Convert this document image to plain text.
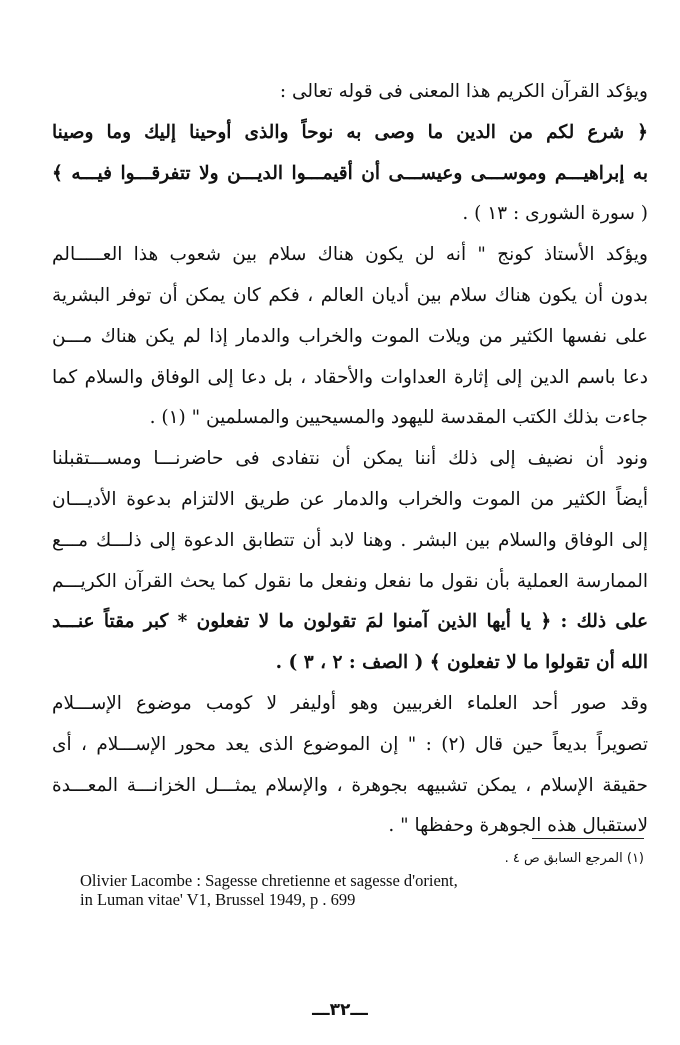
ويؤكد القرآن الكريم هذا المعنى فى قوله تعالى :
﴿ شرع لكم من الدين ما وصى به نوحاً والذى أوحينا إليك وما وصينا
به إبراهيـــم وموســـى وعيســـى أن أقيمـــوا الديـــن ولا تتفرقـــوا فيـــه ﴾
( سورة الشورى : ١٣ ) .
ويؤكد الأستاذ كونج " أنه لن يكون هناك سلام بين شعوب هذا العـــــالم
بدون أن يكون هناك سلام بين أديان العالم ، فكم كان يمكن أن توفر البشرية
على نفسها الكثير من ويلات الموت والخراب والدمار إذا لم يكن هناك مـــن
دعا باسم الدين إلى إثارة العداوات والأحقاد ، بل دعا إلى الوفاق والسلام كما
جاءت بذلك الكتب المقدسة لليهود والمسيحيين والمسلمين " (١) .
ونود أن نضيف إلى ذلك أننا يمكن أن نتفادى فى حاضرنـــا ومســـتقبلنا
أيضاً الكثير من الموت والخراب والدمار عن طريق الالتزام بدعوة الأديـــان
إلى الوفاق والسلام بين البشر . وهنا لابد أن تتطابق الدعوة إلى ذلـــك مـــع
الممارسة العملية بأن نقول ما نفعل ونفعل ما نقول كما يحث القرآن الكريـــم
على ذلك : ﴿ يا أيها الذين آمنوا لمَ تقولون ما لا تفعلون * كبر مقتاً عنـــد
الله أن تقولوا ما لا تفعلون ﴾ ( الصف : ٢ ، ٣ ) .
وقد صور أحد العلماء الغربيين وهو أوليفر لا كومب موضوع الإســـلام
تصويراً بديعاً حين قال (٢) : " إن الموضوع الذى يعد محور الإســـلام ، أى
حقيقة الإسلام ، يمكن تشبيهه بجوهرة ، والإسلام يمثـــل الخزانـــة المعـــدة
لاستقبال هذه الجوهرة وحفظها " .
(١) المرجع السابق ص ٤ .
Olivier Lacombe : Sagesse chretienne et sagesse d'orient,
in Luman vitae' V1, Brussel 1949, p . 699
ـــ٣٢ـــ
